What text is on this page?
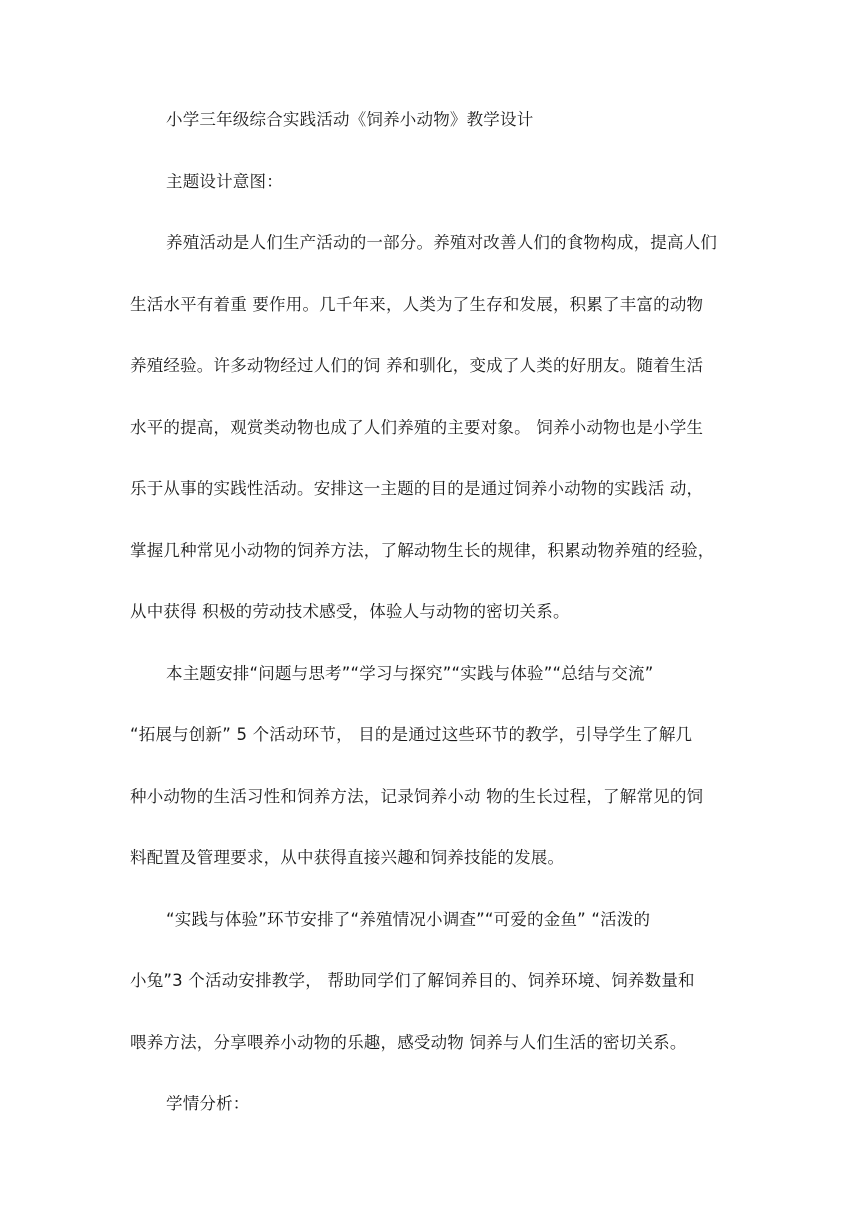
小学三年级综合实践活动《饲养小动物》教学设计
主题设计意图：
养殖活动是人们生产活动的一部分。养殖对改善人们的食物构成，提高人们
生活水平有着重 要作用。几千年来，人类为了生存和发展，积累了丰富的动物
养殖经验。许多动物经过人们的饲 养和驯化，变成了人类的好朋友。随着生活
水平的提高，观赏类动物也成了人们养殖的主要对象。 饲养小动物也是小学生
乐于从事的实践性活动。安排这一主题的目的是通过饲养小动物的实践活 动，
掌握几种常见小动物的饲养方法，了解动物生长的规律，积累动物养殖的经验，
从中获得 积极的劳动技术感受，体验人与动物的密切关系。
本主题安排“问题与思考”“学习与探究”“实践与体验”“总结与交流”
“拓展与创新” 5 个活动环节， 目的是通过这些环节的教学，引导学生了解几
种小动物的生活习性和饲养方法，记录饲养小动 物的生长过程，了解常见的饲
料配置及管理要求，从中获得直接兴趣和饲养技能的发展。
“实践与体验”环节安排了“养殖情况小调查”“可爱的金鱼” “活泼的
小兔”3 个活动安排教学， 帮助同学们了解饲养目的、饲养环境、饲养数量和
喂养方法，分享喂养小动物的乐趣，感受动物 饲养与人们生活的密切关系。
学情分析：
